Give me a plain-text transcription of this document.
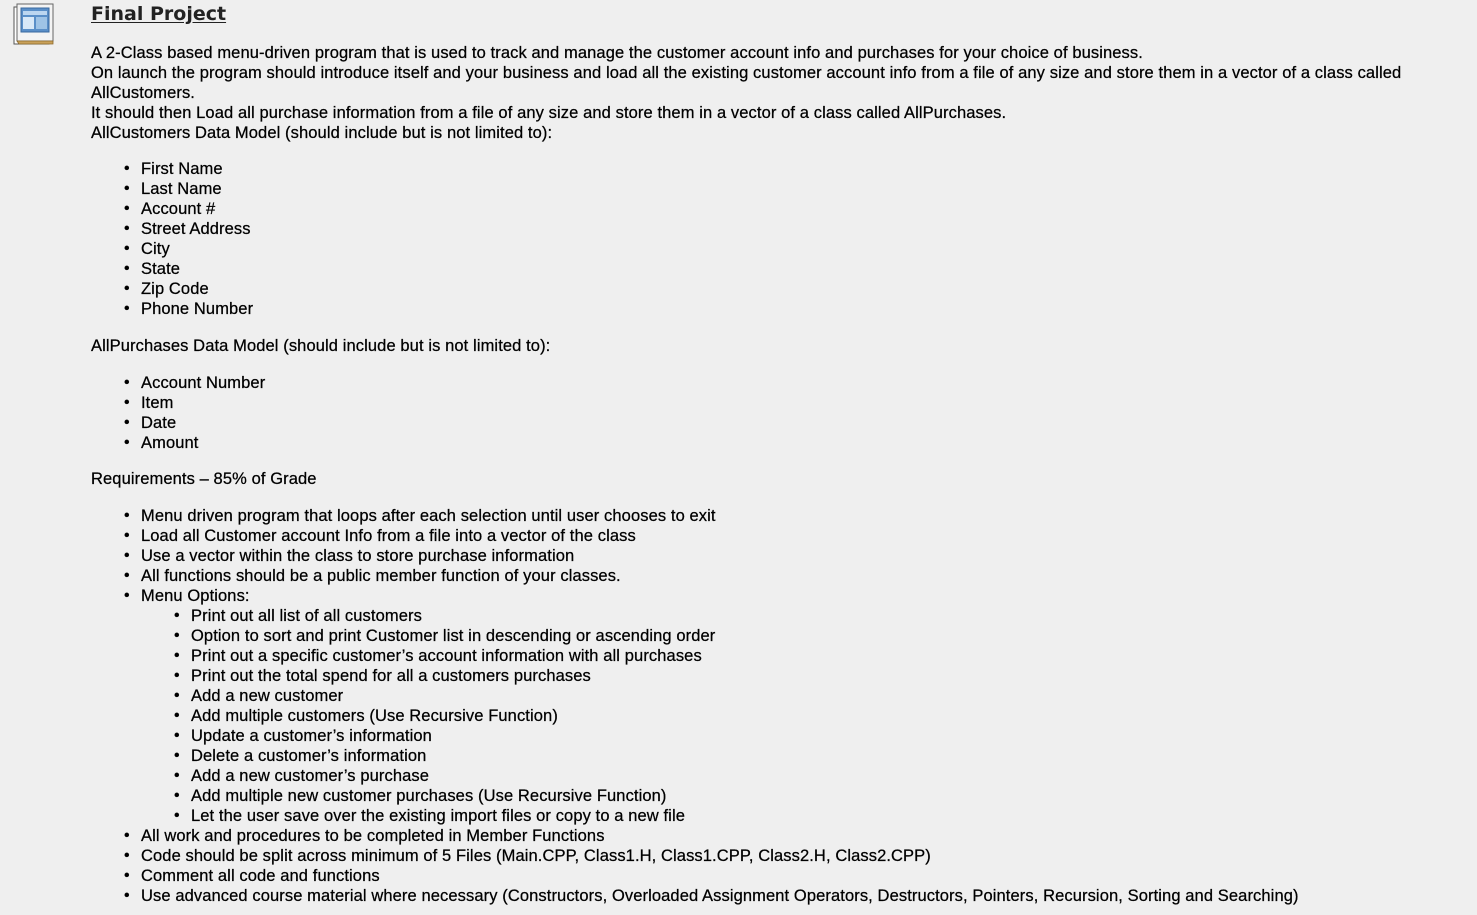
Final Project

A 2-Class based menu-driven program that is used to track and manage the customer account info and purchases for your choice of business.

On launch the program should introduce itself and your business and load all the existing customer account info from a file of any size and store them in a vector of a class called AllCustomers.

It should then Load all purchase information from a file of any size and store them in a vector of a class called AllPurchases.

AllCustomers Data Model (should include but is not limited to):

• First Name
• Last Name
• Account #
• Street Address
• City
• State
• Zip Code
• Phone Number

AllPurchases Data Model (should include but is not limited to):

• Account Number
• Item
• Date
• Amount

Requirements – 85% of Grade

• Menu driven program that loops after each selection until user chooses to exit
• Load all Customer account Info from a file into a vector of the class
• Use a vector within the class to store purchase information
• All functions should be a public member function of your classes.
• Menu Options:
• Print out all list of all customers
• Option to sort and print Customer list in descending or ascending order
• Print out a specific customer’s account information with all purchases
• Print out the total spend for all a customers purchases
• Add a new customer
• Add multiple customers (Use Recursive Function)
• Update a customer’s information
• Delete a customer’s information
• Add a new customer’s purchase
• Add multiple new customer purchases (Use Recursive Function)
• Let the user save over the existing import files or copy to a new file
• All work and procedures to be completed in Member Functions
• Code should be split across minimum of 5 Files (Main.CPP, Class1.H, Class1.CPP, Class2.H, Class2.CPP)
• Comment all code and functions
• Use advanced course material where necessary (Constructors, Overloaded Assignment Operators, Destructors, Pointers, Recursion, Sorting and Searching)
